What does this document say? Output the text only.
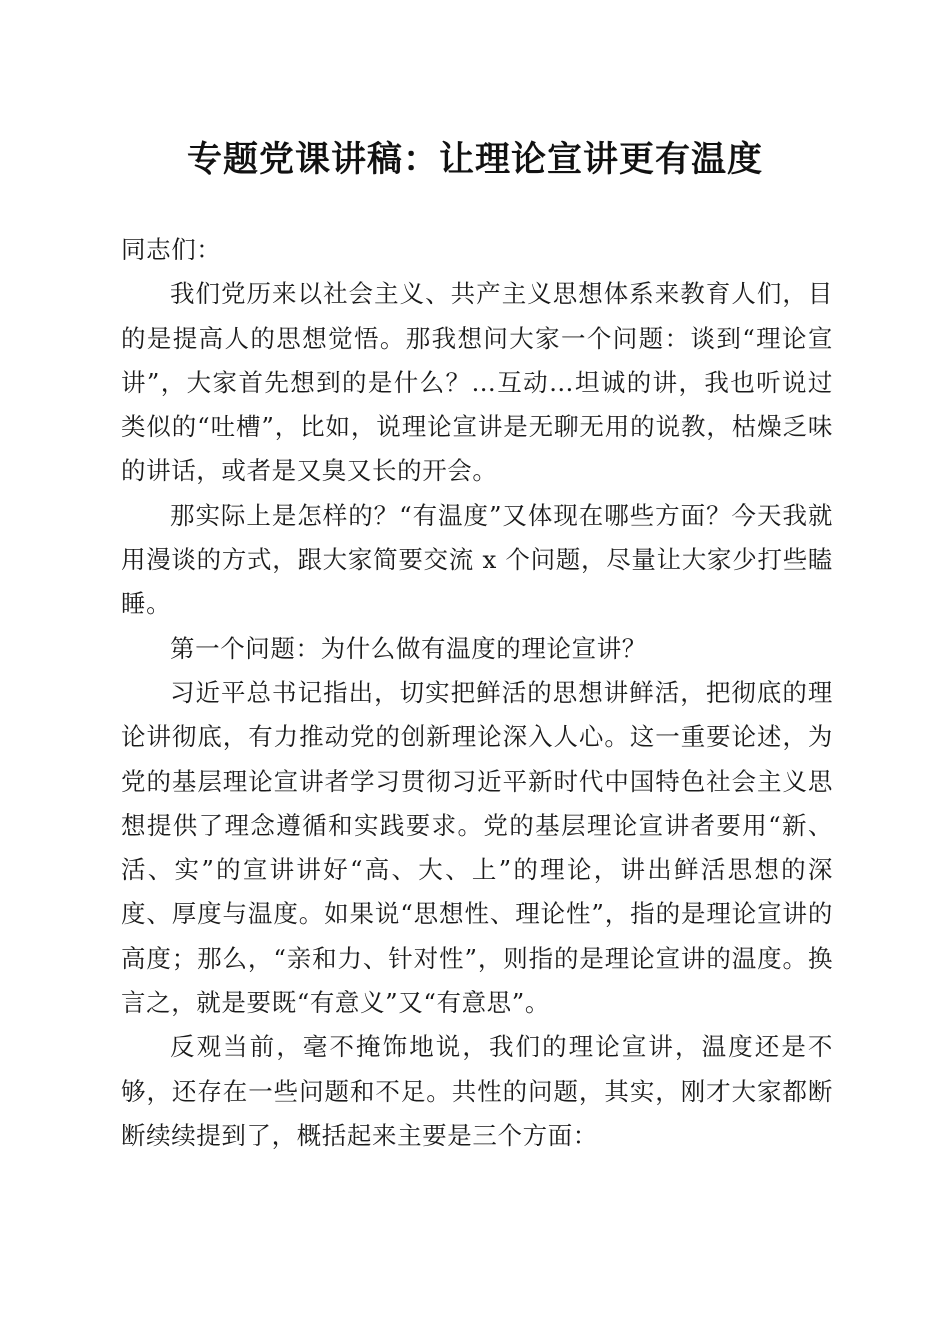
专题党课讲稿：让理论宣讲更有温度

同志们：

我们党历来以社会主义、共产主义思想体系来教育人们，目的是提高人的思想觉悟。那我想问大家一个问题：谈到“理论宣讲”，大家首先想到的是什么？…互动…坦诚的讲，我也听说过类似的“吐槽”，比如，说理论宣讲是无聊无用的说教，枯燥乏味的讲话，或者是又臭又长的开会。

那实际上是怎样的？“有温度”又体现在哪些方面？今天我就用漫谈的方式，跟大家简要交流 x 个问题，尽量让大家少打些瞌睡。

第一个问题：为什么做有温度的理论宣讲？

习近平总书记指出，切实把鲜活的思想讲鲜活，把彻底的理论讲彻底，有力推动党的创新理论深入人心。这一重要论述，为党的基层理论宣讲者学习贯彻习近平新时代中国特色社会主义思想提供了理念遵循和实践要求。党的基层理论宣讲者要用“新、活、实”的宣讲讲好“高、大、上”的理论，讲出鲜活思想的深度、厚度与温度。如果说“思想性、理论性”，指的是理论宣讲的高度；那么，“亲和力、针对性”，则指的是理论宣讲的温度。换言之，就是要既“有意义”又“有意思”。

反观当前，毫不掩饰地说，我们的理论宣讲，温度还是不够，还存在一些问题和不足。共性的问题，其实，刚才大家都断断续续提到了，概括起来主要是三个方面：
